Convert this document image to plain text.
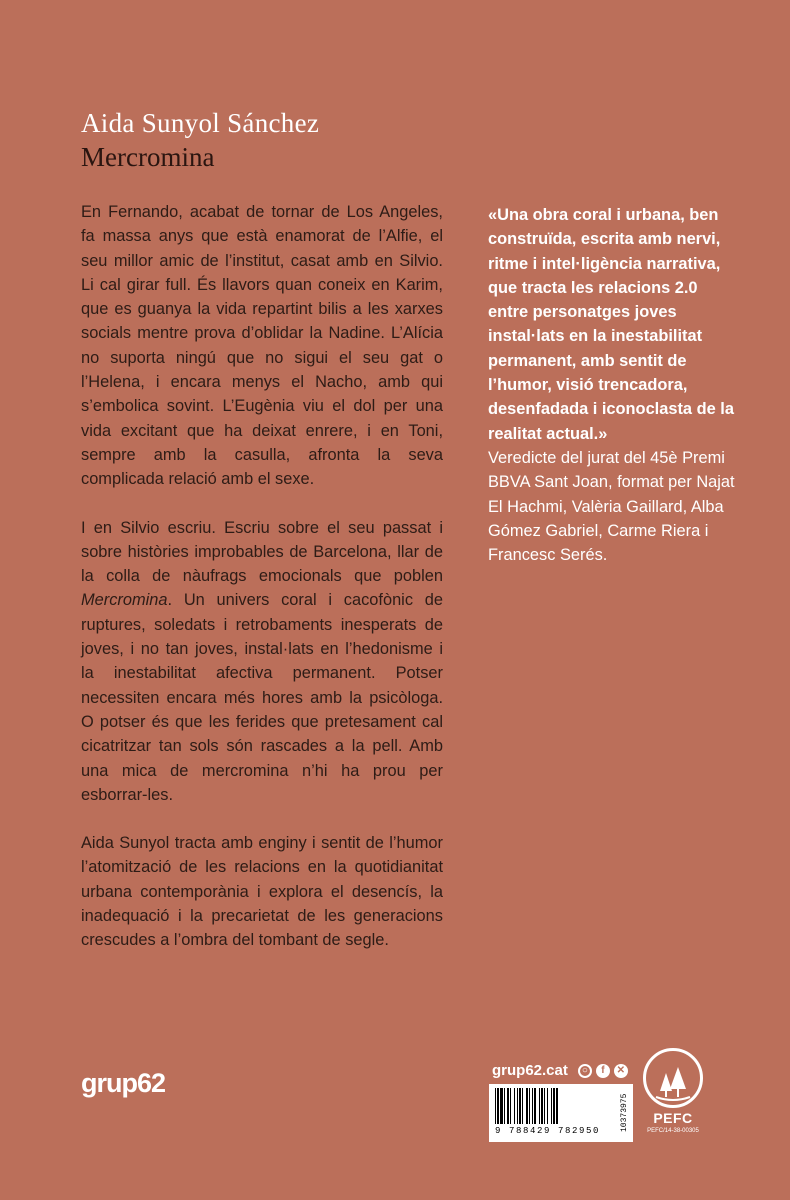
Aida Sunyol Sánchez
Mercromina

En Fernando, acabat de tornar de Los Angeles, fa massa anys que està enamorat de l’Alfie, el seu millor amic de l’institut, casat amb en Silvio. Li cal girar full. És llavors quan coneix en Karim, que es guanya la vida repartint bilis a les xarxes socials mentre prova d’oblidar la Nadine. L’Alícia no suporta ningú que no sigui el seu gat o l’Helena, i encara menys el Nacho, amb qui s’embolica sovint. L’Eugènia viu el dol per una vida excitant que ha deixat enrere, i en Toni, sempre amb la casulla, afronta la seva complicada relació amb el sexe.

I en Silvio escriu. Escriu sobre el seu passat i sobre històries improbables de Barcelona, llar de la colla de nàufrags emocionals que poblen Mercromina. Un univers coral i cacofònic de ruptures, soledats i retrobaments inesperats de joves, i no tan joves, instal·lats en l’hedonisme i la inestabilitat afectiva permanent. Potser necessiten encara més hores amb la psicòloga. O potser és que les ferides que pretesament cal cicatritzar tan sols són rascades a la pell. Amb una mica de mercromina n’hi ha prou per esborrar-les.

Aida Sunyol tracta amb enginy i sentit de l’humor l’atomització de les relacions en la quotidianitat urbana contemporània i explora el desencís, la inadequació i la precarietat de les generacions crescudes a l’ombra del tombant de segle.

«Una obra coral i urbana, ben construïda, escrita amb nervi, ritme i intel·ligència narrativa, que tracta les relacions 2.0 entre personatges joves instal·lats en la inestabilitat permanent, amb sentit de l’humor, visió trencadora, desenfadada i iconoclasta de la realitat actual.»
Veredicte del jurat del 45è Premi BBVA Sant Joan, format per Najat El Hachmi, Valèria Gaillard, Alba Gómez Gabriel, Carme Riera i Francesc Serés.
grup62	grup62.cat	○	f	✕
9 788429 782950	10373975	PEFC
PEFC/14-38-00305
